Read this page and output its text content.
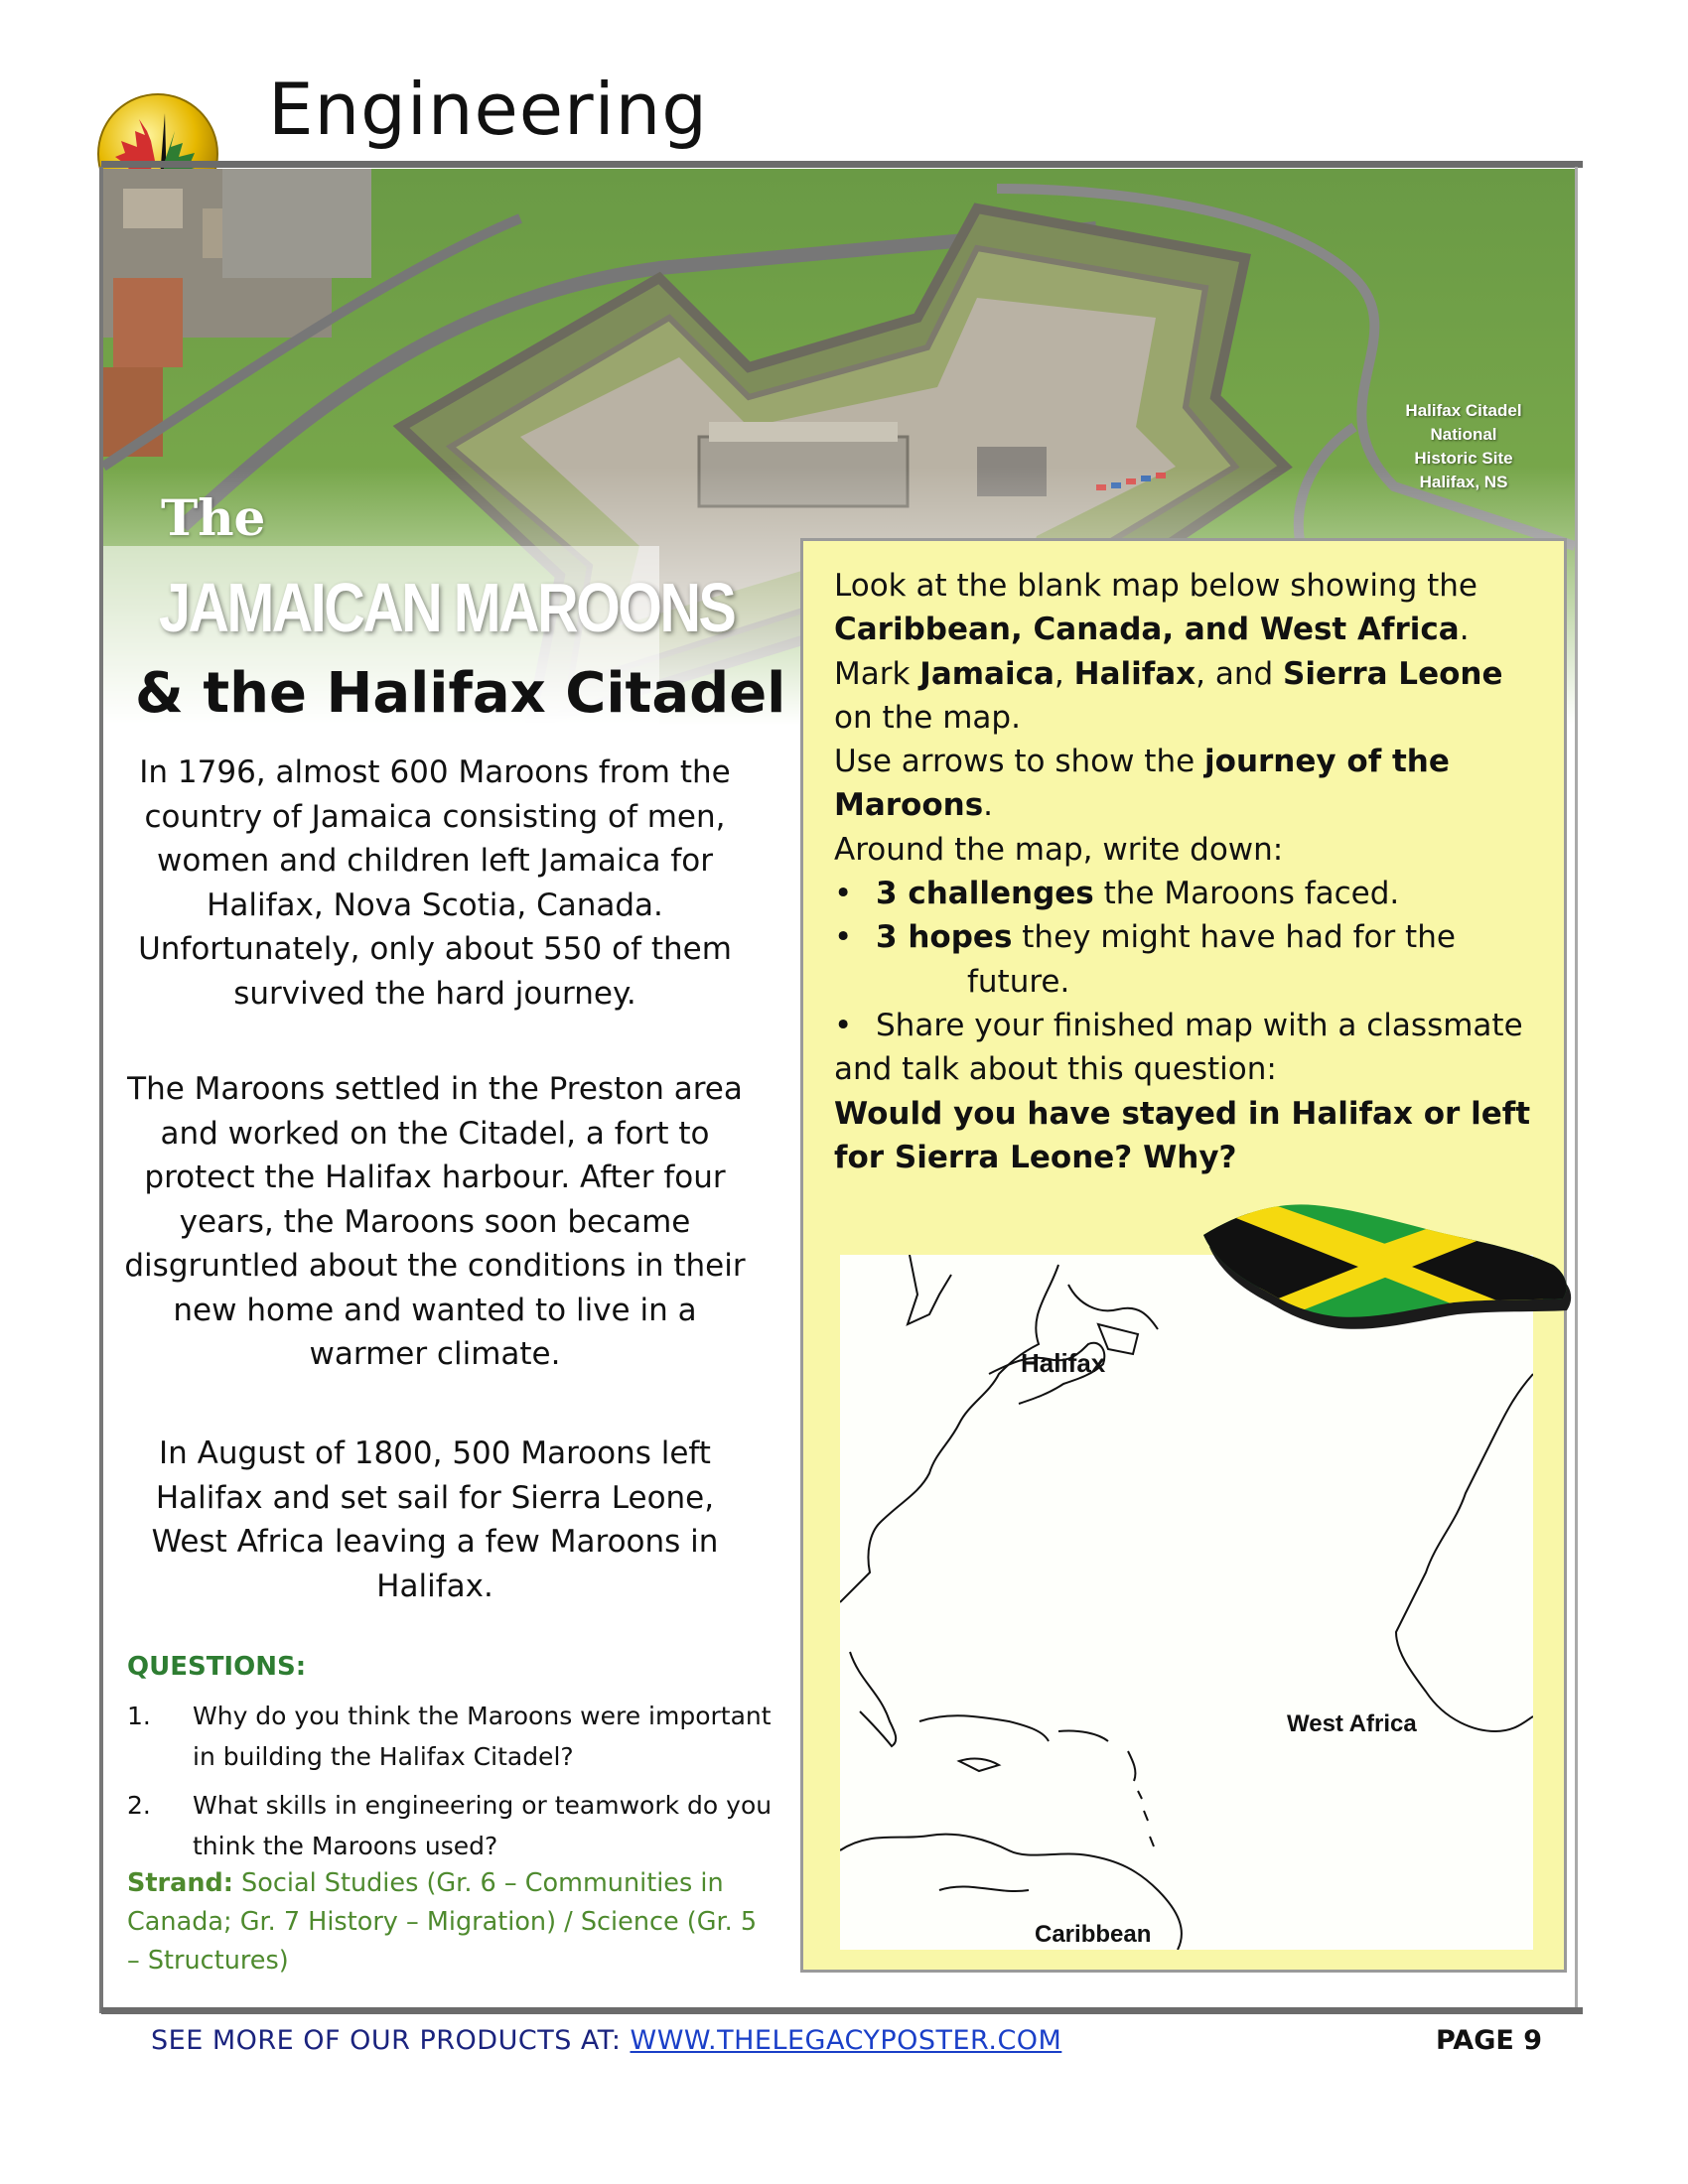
Engineering
The
JAMAICAN MAROONS
& the Halifax Citadel
Halifax Citadel
National
Historic Site
Halifax, NS
In 1796, almost 600 Maroons from the country of Jamaica consisting of men, women and children left Jamaica for Halifax, Nova Scotia, Canada. Unfortunately, only about 550 of them survived the hard journey.
The Maroons settled in the Preston area and worked on the Citadel, a fort to protect the Halifax harbour. After four years, the Maroons soon became disgruntled about the conditions in their new home and wanted to live in a warmer climate.
In August of 1800, 500 Maroons left Halifax and set sail for Sierra Leone, West Africa leaving a few Maroons in Halifax.
QUESTIONS:
1. Why do you think the Maroons were important in building the Halifax Citadel?
2. What skills in engineering or teamwork do you think the Maroons used?
Strand: Social Studies (Gr. 6 – Communities in Canada; Gr. 7 History – Migration) / Science (Gr. 5 – Structures)
Look at the blank map below showing the
Caribbean, Canada, and West Africa.
Mark Jamaica, Halifax, and Sierra Leone on the map.
Use arrows to show the journey of the Maroons.
Around the map, write down:
• 3 challenges the Maroons faced.
• 3 hopes they might have had for the
future.
• Share your finished map with a classmate and talk about this question:
Would you have stayed in Halifax or left for Sierra Leone? Why?
Halifax
West Africa
Caribbean
SEE MORE OF OUR PRODUCTS AT: WWW.THELEGACYPOSTER.COM	PAGE 9
